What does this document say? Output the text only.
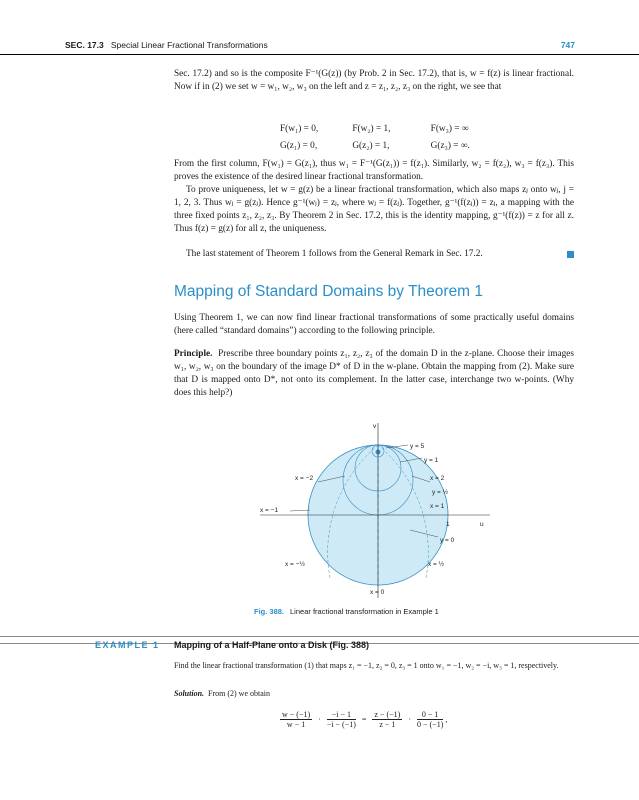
SEC. 17.3 Special Linear Fractional Transformations	747
Sec. 17.2) and so is the composite F⁻¹(G(z)) (by Prob. 2 in Sec. 17.2), that is, w = f(z) is linear fractional. Now if in (2) we set w = w₁, w₂, w₃ on the left and z = z₁, z₂, z₃ on the right, we see that
F(w₁) = 0,	F(w₂) = 1,	F(w₃) = ∞
G(z₁) = 0,	G(z₂) = 1,	G(z₃) = ∞.
From the first column, F(w₁) = G(z₁), thus w₁ = F⁻¹(G(z₁)) = f(z₁). Similarly, w₂ = f(z₂), w₃ = f(z₃). This proves the existence of the desired linear fractional transformation.
To prove uniqueness, let w = g(z) be a linear fractional transformation, which also maps zⱼ onto wⱼ, j = 1, 2, 3. Thus wⱼ = g(zⱼ). Hence g⁻¹(wⱼ) = zⱼ, where wⱼ = f(zⱼ). Together, g⁻¹(f(zⱼ)) = zⱼ, a mapping with the three fixed points z₁, z₂, z₃. By Theorem 2 in Sec. 17.2, this is the identity mapping, g⁻¹(f(z)) = z for all z. Thus f(z) = g(z) for all z, the uniqueness.
The last statement of Theorem 1 follows from the General Remark in Sec. 17.2.
Mapping of Standard Domains by Theorem 1
Using Theorem 1, we can now find linear fractional transformations of some practically useful domains (here called “standard domains”) according to the following principle.
Principle. Prescribe three boundary points z₁, z₂, z₃ of the domain D in the z-plane. Choose their images w₁, w₂, w₃ on the boundary of the image D* of D in the w-plane. Obtain the mapping from (2). Make sure that D is mapped onto D*, not onto its complement. In the latter case, interchange two w-points. (Why does this help?)
v
y = 5
y = 1
x = −2	x = 2
y = ½
x = −1
x = 1
1	u
y = 0
x = −½	x = ½
x = 0
Fig. 388. Linear fractional transformation in Example 1
EXAMPLE 1 Mapping of a Half-Plane onto a Disk (Fig. 388)
Find the linear fractional transformation (1) that maps z₁ = −1, z₂ = 0, z₃ = 1 onto w₁ = −1, w₂ = −i, w₃ = 1, respectively.
Solution. From (2) we obtain
$\frac{w - (-1)}{w - 1} \cdot \frac{-i - 1}{-i - (-1)} = \frac{z - (-1)}{z - 1} \cdot \frac{0 - 1}{0 - (-1)}$ ,
